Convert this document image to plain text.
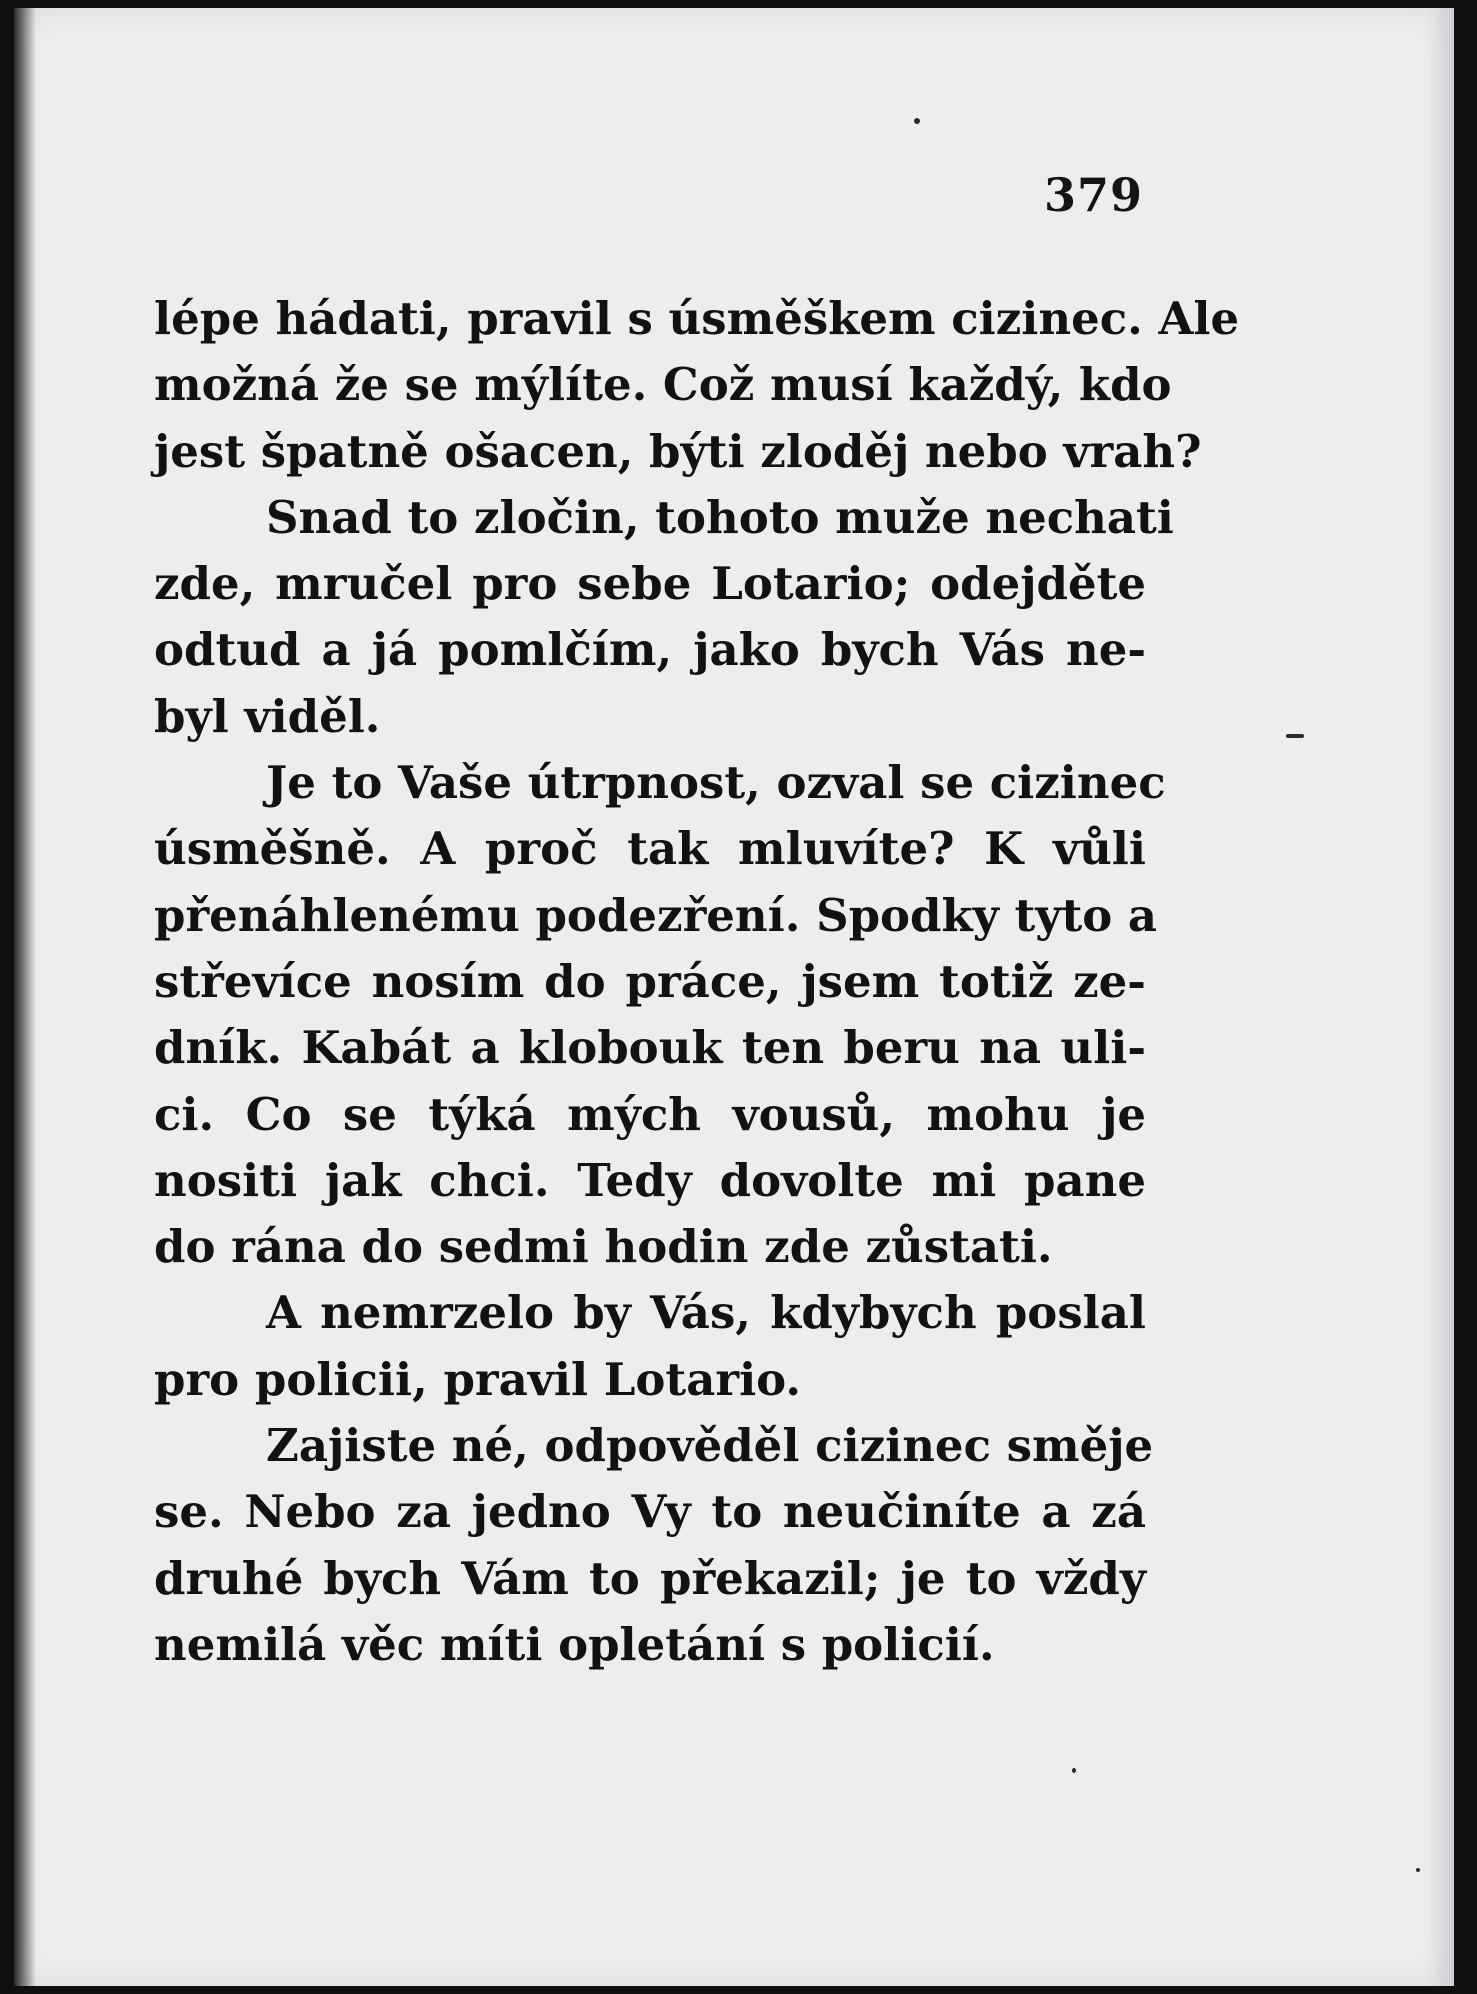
379
lépe hádati, pravil s úsměškem cizinec. Ale
možná že se mýlíte. Což musí každý, kdo
jest špatně ošacen, býti zloděj nebo vrah?
Snad to zločin, tohoto muže nechati
zde, mručel pro sebe Lotario; odejděte
odtud a já pomlčím, jako bych Vás ne-
byl viděl.
Je to Vaše útrpnost, ozval se cizinec
úsměšně. A proč tak mluvíte? K vůli
přenáhlenému podezření. Spodky tyto a
střevíce nosím do práce, jsem totiž ze-
dník. Kabát a klobouk ten beru na uli-
ci. Co se týká mých vousů, mohu je
nositi jak chci. Tedy dovolte mi pane
do rána do sedmi hodin zde zůstati.
A nemrzelo by Vás, kdybych poslal
pro policii, pravil Lotario.
Zajiste né, odpověděl cizinec směje
se. Nebo za jedno Vy to neučiníte a zá
druhé bych Vám to překazil; je to vždy
nemilá věc míti opletání s policií.
